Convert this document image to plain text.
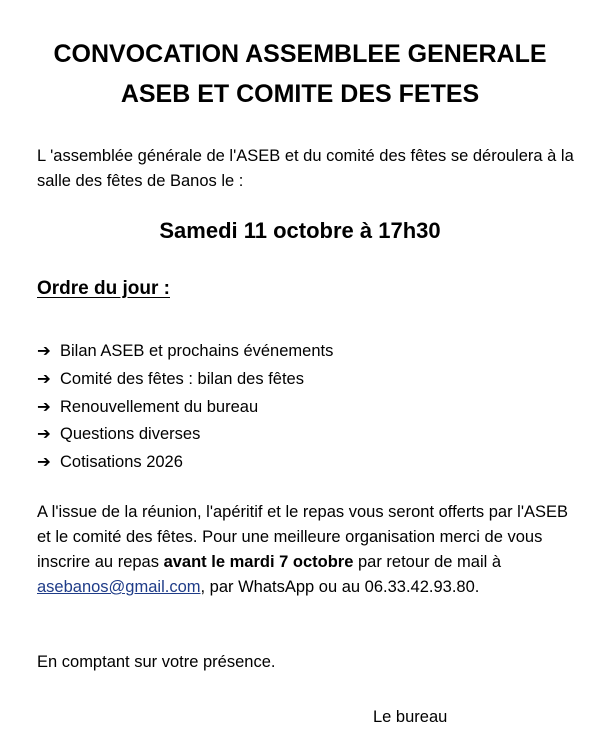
CONVOCATION ASSEMBLEE GENERALE
ASEB ET COMITE DES FETES
L 'assemblée générale de l'ASEB et du comité des fêtes se déroulera à la salle des fêtes de Banos le :
Samedi 11 octobre à 17h30
Ordre du jour :
➔ Bilan ASEB et prochains événements
➔ Comité des fêtes : bilan des fêtes
➔ Renouvellement du bureau
➔ Questions diverses
➔ Cotisations 2026
A l'issue de la réunion, l'apéritif et le repas vous seront offerts par l'ASEB et le comité des fêtes. Pour une meilleure organisation merci de vous inscrire au repas avant le mardi 7 octobre par retour de mail à asebanos@gmail.com, par WhatsApp ou au 06.33.42.93.80.
En comptant sur votre présence.
Le bureau
